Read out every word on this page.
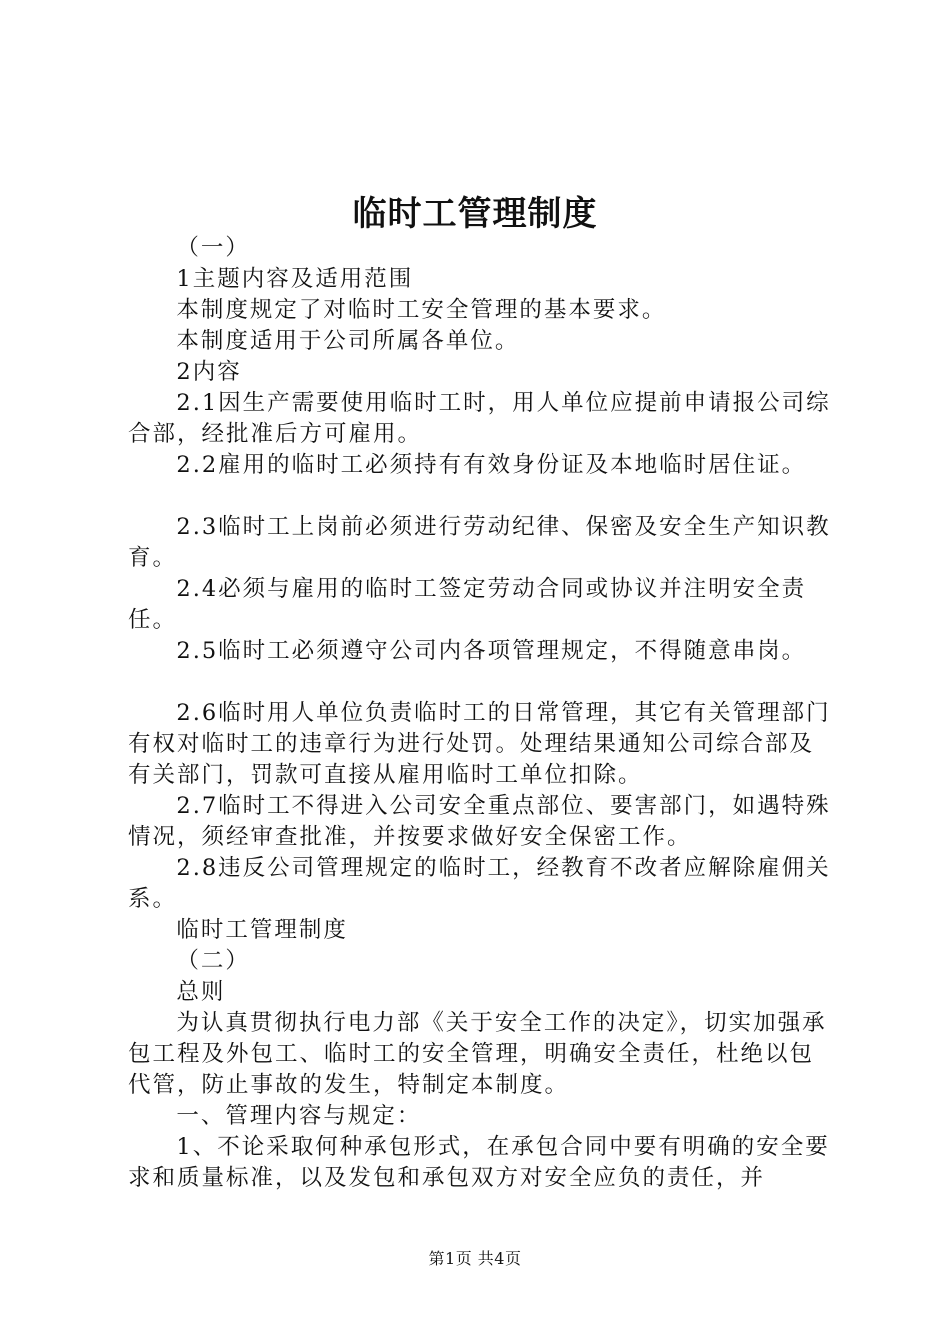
临时工管理制度

（一）

1主题内容及适用范围

本制度规定了对临时工安全管理的基本要求。

本制度适用于公司所属各单位。

2内容

2.1因生产需要使用临时工时，用人单位应提前申请报公司综合部，经批准后方可雇用。

2.2雇用的临时工必须持有有效身份证及本地临时居住证。

2.3临时工上岗前必须进行劳动纪律、保密及安全生产知识教育。

2.4必须与雇用的临时工签定劳动合同或协议并注明安全责任。

2.5临时工必须遵守公司内各项管理规定，不得随意串岗。

2.6临时用人单位负责临时工的日常管理，其它有关管理部门有权对临时工的违章行为进行处罚。处理结果通知公司综合部及有关部门，罚款可直接从雇用临时工单位扣除。

2.7临时工不得进入公司安全重点部位、要害部门，如遇特殊情况，须经审查批准，并按要求做好安全保密工作。

2.8违反公司管理规定的临时工，经教育不改者应解除雇佣关系。

临时工管理制度

（二）

总则

为认真贯彻执行电力部《关于安全工作的决定》，切实加强承包工程及外包工、临时工的安全管理，明确安全责任，杜绝以包代管，防止事故的发生，特制定本制度。

一、管理内容与规定：

1、不论采取何种承包形式，在承包合同中要有明确的安全要求和质量标准，以及发包和承包双方对安全应负的责任，并

第1页 共4页
